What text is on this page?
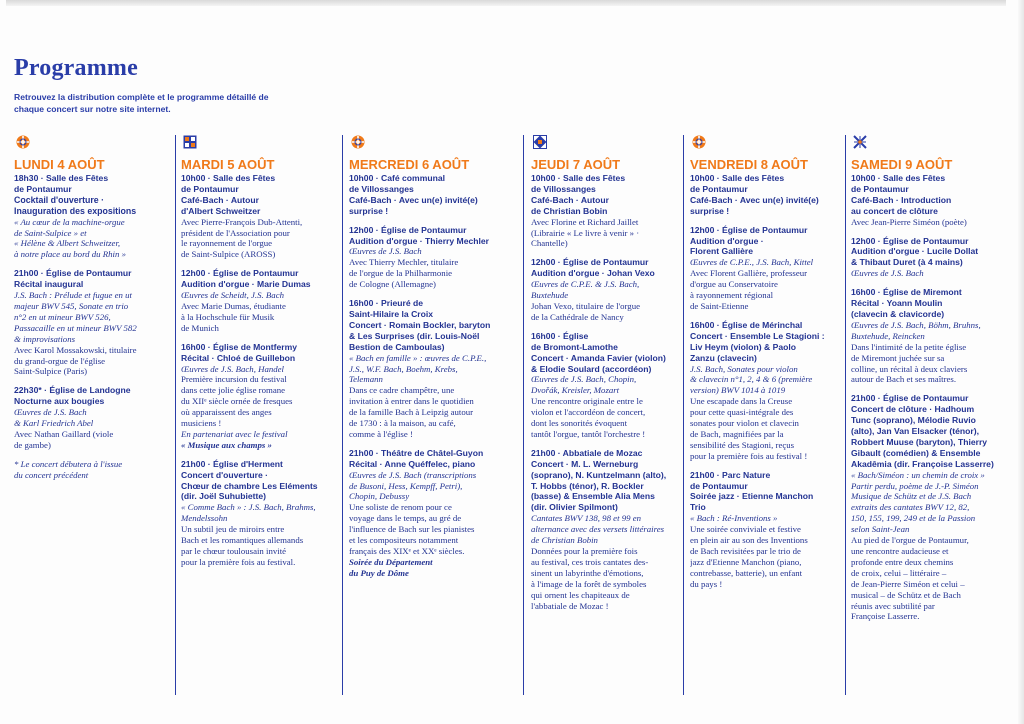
Programme

Retrouvez la distribution complète et le programme détaillé de chaque concert sur notre site internet.

LUNDI 4 AOÛT
18h30 · Salle des Fêtes
de Pontaumur
Cocktail d'ouverture ·
Inauguration des expositions
« Au cœur de la machine-orgue
de Saint-Sulpice » et
« Hélène & Albert Schweitzer,
à notre place au bord du Rhin »
21h00 · Église de Pontaumur
Récital inaugural
J.S. Bach : Prélude et fugue en ut
majeur BWV 545, Sonate en trio
n°2 en ut mineur BWV 526,
Passacaille en ut mineur BWV 582
& improvisations
Avec Karol Mossakowski, titulaire
du grand-orgue de l'église
Saint-Sulpice (Paris)
22h30* · Église de Landogne
Nocturne aux bougies
Œuvres de J.S. Bach
& Karl Friedrich Abel
Avec Nathan Gaillard (viole
de gambe)
* Le concert débutera à l'issue
du concert précédent
MARDI 5 AOÛT
10h00 · Salle des Fêtes
de Pontaumur
Café-Bach · Autour
d'Albert Schweitzer
Avec Pierre-François Dub-Attenti,
président de l'Association pour
le rayonnement de l'orgue
de Saint-Sulpice (AROSS)
12h00 · Église de Pontaumur
Audition d'orgue · Marie Dumas
Œuvres de Scheidt, J.S. Bach
Avec Marie Dumas, étudiante
à la Hochschule für Musik
de Munich
16h00 · Église de Montfermy
Récital · Chloé de Guillebon
Œuvres de J.S. Bach, Handel
Première incursion du festival
dans cette jolie église romane
du XIIᵉ siècle ornée de fresques
où apparaissent des anges
musiciens !
En partenariat avec le festival
« Musique aux champs »
21h00 · Église d'Herment
Concert d'ouverture ·
Chœur de chambre Les Eléments
(dir. Joël Suhubiette)
« Comme Bach » : J.S. Bach, Brahms,
Mendelssohn
Un subtil jeu de miroirs entre
Bach et les romantiques allemands
par le chœur toulousain invité
pour la première fois au festival.
MERCREDI 6 AOÛT
10h00 · Café communal
de Villossanges
Café-Bach · Avec un(e) invité(e)
surprise !
12h00 · Église de Pontaumur
Audition d'orgue · Thierry Mechler
Œuvres de J.S. Bach
Avec Thierry Mechler, titulaire
de l'orgue de la Philharmonie
de Cologne (Allemagne)
16h00 · Prieuré de
Saint-Hilaire la Croix
Concert · Romain Bockler, baryton
& Les Surprises (dir. Louis-Noël
Bestion de Camboulas)
« Bach en famille » : œuvres de C.P.E.,
J.S., W.F. Bach, Boehm, Krebs,
Telemann
Dans ce cadre champêtre, une
invitation à entrer dans le quotidien
de la famille Bach à Leipzig autour
de 1730 : à la maison, au café,
comme à l'église !
21h00 · Théâtre de Châtel-Guyon
Récital · Anne Quéffelec, piano
Œuvres de J.S. Bach (transcriptions
de Busoni, Hess, Kempff, Petri),
Chopin, Debussy
Une soliste de renom pour ce
voyage dans le temps, au gré de
l'influence de Bach sur les pianistes
et les compositeurs notamment
français des XIXᵉ et XXᵉ siècles.
Soirée du Département
du Puy de Dôme
JEUDI 7 AOÛT
10h00 · Salle des Fêtes
de Villossanges
Café-Bach · Autour
de Christian Bobin
Avec Florine et Richard Jaillet
(Librairie « Le livre à venir » ·
Chantelle)
12h00 · Église de Pontaumur
Audition d'orgue · Johan Vexo
Œuvres de C.P.E. & J.S. Bach,
Buxtehude
Johan Vexo, titulaire de l'orgue
de la Cathédrale de Nancy
16h00 · Église
de Bromont-Lamothe
Concert · Amanda Favier (violon)
& Elodie Soulard (accordéon)
Œuvres de J.S. Bach, Chopin,
Dvořák, Kreisler, Mozart
Une rencontre originale entre le
violon et l'accordéon de concert,
dont les sonorités évoquent
tantôt l'orgue, tantôt l'orchestre !
21h00 · Abbatiale de Mozac
Concert · M. L. Werneburg
(soprano), N. Kuntzelmann (alto),
T. Hobbs (ténor), R. Bockler
(basse) & Ensemble Alia Mens
(dir. Olivier Spilmont)
Cantates BWV 138, 98 et 99 en
alternance avec des versets littéraires
de Christian Bobin
Données pour la première fois
au festival, ces trois cantates des-
sinent un labyrinthe d'émotions,
à l'image de la forêt de symboles
qui ornent les chapiteaux de
l'abbatiale de Mozac !
VENDREDI 8 AOÛT
10h00 · Salle des Fêtes
de Pontaumur
Café-Bach · Avec un(e) invité(e)
surprise !
12h00 · Église de Pontaumur
Audition d'orgue ·
Florent Gallière
Œuvres de C.P.E., J.S. Bach, Kittel
Avec Florent Gallière, professeur
d'orgue au Conservatoire
à rayonnement régional
de Saint-Etienne
16h00 · Église de Mérinchal
Concert · Ensemble Le Stagioni :
Liv Heym (violon) & Paolo
Zanzu (clavecin)
J.S. Bach, Sonates pour violon
& clavecin n°1, 2, 4 & 6 (première
version) BWV 1014 à 1019
Une escapade dans la Creuse
pour cette quasi-intégrale des
sonates pour violon et clavecin
de Bach, magnifiées par la
sensibilité des Stagioni, reçus
pour la première fois au festival !
21h00 · Parc Nature
de Pontaumur
Soirée jazz · Etienne Manchon
Trio
« Bach : Ré-Inventions »
Une soirée conviviale et festive
en plein air au son des Inventions
de Bach revisitées par le trio de
jazz d'Etienne Manchon (piano,
contrebasse, batterie), un enfant
du pays !
SAMEDI 9 AOÛT
10h00 · Salle des Fêtes
de Pontaumur
Café-Bach · Introduction
au concert de clôture
Avec Jean-Pierre Siméon (poète)
12h00 · Église de Pontaumur
Audition d'orgue · Lucile Dollat
& Thibaut Duret (à 4 mains)
Œuvres de J.S. Bach
16h00 · Église de Miremont
Récital · Yoann Moulin
(clavecin & clavicorde)
Œuvres de J.S. Bach, Böhm, Bruhns,
Buxtehude, Reincken
Dans l'intimité de la petite église
de Miremont juchée sur sa
colline, un récital à deux claviers
autour de Bach et ses maîtres.
21h00 · Église de Pontaumur
Concert de clôture · Hadhoum
Tunc (soprano), Mélodie Ruvio
(alto), Jan Van Elsacker (ténor),
Robbert Muuse (baryton), Thierry
Gibault (comédien) & Ensemble
Akadêmia (dir. Françoise Lasserre)
« Bach/Siméon : un chemin de croix »
Partir perdu, poème de J.-P. Siméon
Musique de Schütz et de J.S. Bach
extraits des cantates BWV 12, 82,
150, 155, 199, 249 et de la Passion
selon Saint-Jean
Au pied de l'orgue de Pontaumur,
une rencontre audacieuse et
profonde entre deux chemins
de croix, celui – littéraire –
de Jean-Pierre Siméon et celui –
musical – de Schütz et de Bach
réunis avec subtilité par
Françoise Lasserre.
